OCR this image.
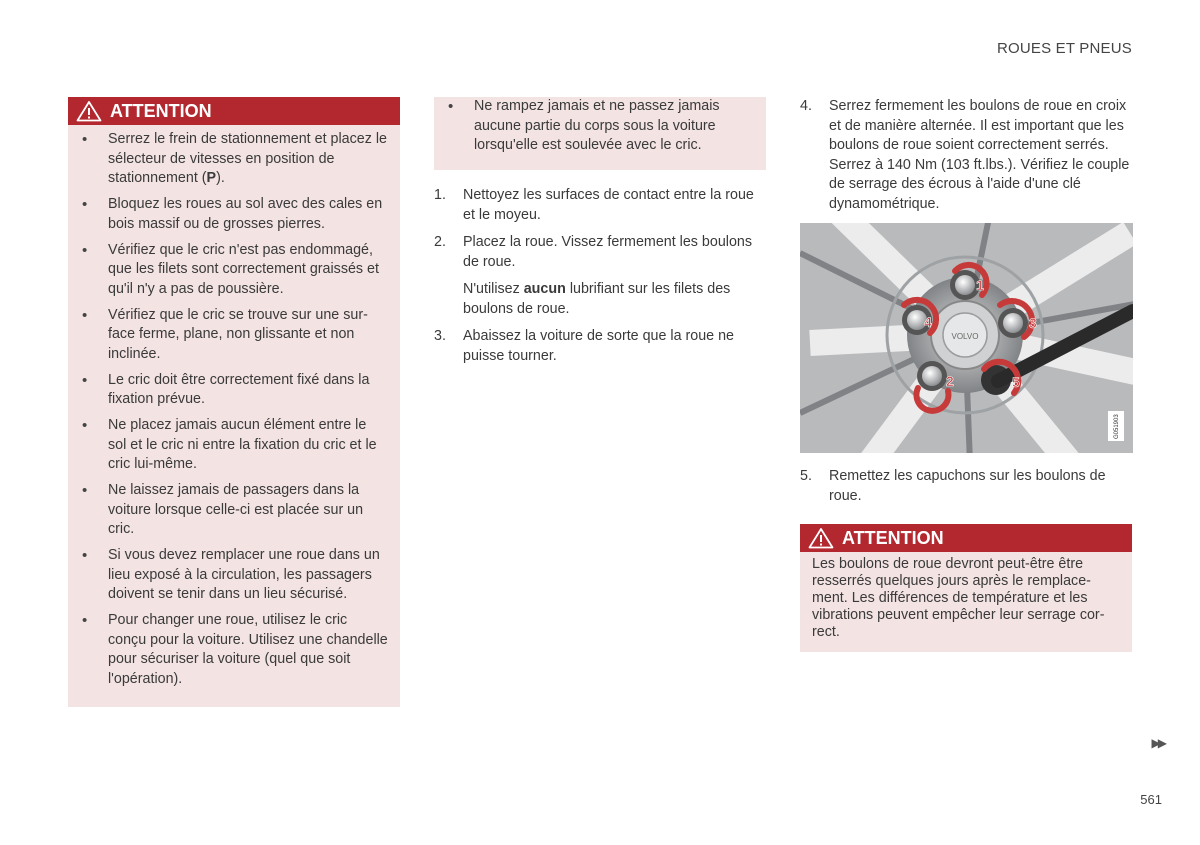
ROUES ET PNEUS
ATTENTION
• Serrez le frein de stationnement et placez le sélecteur de vitesses en position de stationnement (P).
• Bloquez les roues au sol avec des cales en bois massif ou de grosses pierres.
• Vérifiez que le cric n'est pas endommagé, que les filets sont correctement graissés et qu'il n'y a pas de poussière.
• Vérifiez que le cric se trouve sur une surface ferme, plane, non glissante et non inclinée.
• Le cric doit être correctement fixé dans la fixation prévue.
• Ne placez jamais aucun élément entre le sol et le cric ni entre la fixation du cric et le cric lui-même.
• Ne laissez jamais de passagers dans la voiture lorsque celle-ci est placée sur un cric.
• Si vous devez remplacer une roue dans un lieu exposé à la circulation, les passagers doivent se tenir dans un lieu sécurisé.
• Pour changer une roue, utilisez le cric conçu pour la voiture. Utilisez une chandelle pour sécuriser la voiture (quel que soit l'opération).
• Ne rampez jamais et ne passez jamais aucune partie du corps sous la voiture lorsqu'elle est soulevée avec le cric.
1. Nettoyez les surfaces de contact entre la roue et le moyeu.
2. Placez la roue. Vissez fermement les boulons de roue.

N'utilisez aucun lubrifiant sur les filets des boulons de roue.

3. Abaissez la voiture de sorte que la roue ne puisse tourner.
4. Serrez fermement les boulons de roue en croix et de manière alternée. Il est important que les boulons de roue soient correctement serrés. Serrez à 140 Nm (103 ft.lbs.). Vérifiez le couple de serrage des écrous à l'aide d'une clé dynamométrique.
VOLVO
1
2
3
4
5
G051903
5. Remettez les capuchons sur les boulons de roue.
ATTENTION

Les boulons de roue devront peut-être être resserrés quelques jours après le remplacement. Les différences de température et les vibrations peuvent empêcher leur serrage correct.

▶▶
561
